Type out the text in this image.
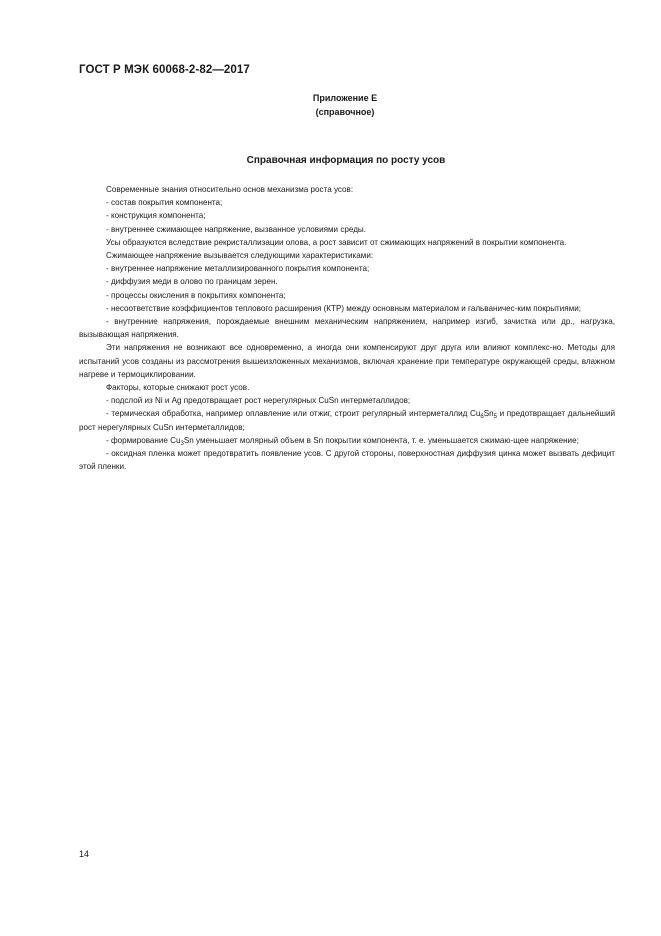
ГОСТ Р МЭК 60068-2-82—2017
Приложение Е
(справочное)
Справочная информация по росту усов

Современные знания относительно основ механизма роста усов:

- состав покрытия компонента;

- конструкция компонента;

- внутреннее сжимающее напряжение, вызванное условиями среды.

Усы образуются вследствие рекристаллизации олова, а рост зависит от сжимающих напряжений в покрытии компонента.

Сжимающее напряжение вызывается следующими характеристиками:

- внутреннее напряжение металлизированного покрытия компонента;

- диффузия меди в олово по границам зерен.

- процессы окисления в покрытиях компонента;

- несоответствие коэффициентов теплового расширения (КТР) между основным материалом и гальваничес-ким покрытиями;

- внутренние напряжения, порождаемые внешним механическим напряжением, например изгиб, зачистка или др., нагрузка, вызывающая напряжения.

Эти напряжения не возникают все одновременно, а иногда они компенсируют друг друга или влияют комплекс-но. Методы для испытаний усов созданы из рассмотрения вышеизложенных механизмов, включая хранение при температуре окружающей среды, влажном нагреве и термоциклировании.

Факторы, которые снижают рост усов.

- подслой из Ni и Ag предотвращает рост нерегулярных CuSn интерметаллидов;

- термическая обработка, например оплавление или отжиг, строит регулярный интерметаллид $Cu_6Sn_5$ и предотвращает дальнейший рост нерегулярных CuSn интерметаллидов;

- формирование $Cu_3Sn$ уменьшает молярный объем в Sn покрытии компонента, т. е. уменьшается сжимаю-щее напряжение;

- оксидная пленка может предотвратить появление усов. С другой стороны, поверхностная диффузия цинка может вызвать дефицит этой пленки.

14
